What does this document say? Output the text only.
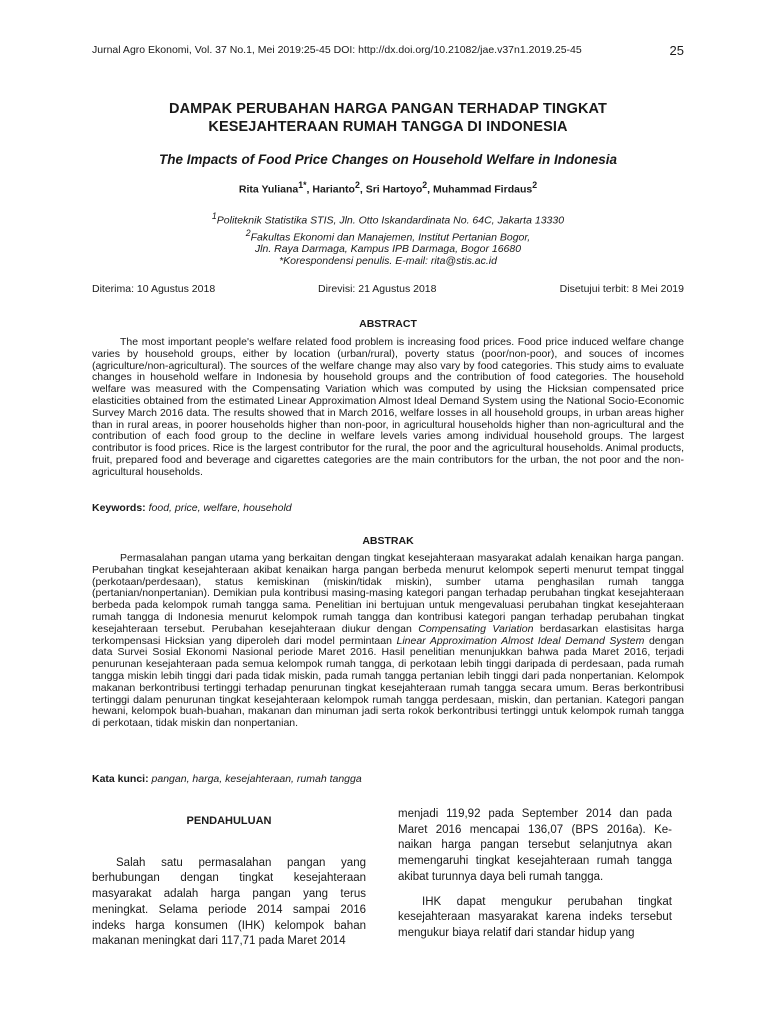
Jurnal Agro Ekonomi, Vol. 37 No.1, Mei 2019:25-45 DOI: http://dx.doi.org/10.21082/jae.v37n1.2019.25-45	25
DAMPAK PERUBAHAN HARGA PANGAN TERHADAP TINGKAT
KESEJAHTERAAN RUMAH TANGGA DI INDONESIA
The Impacts of Food Price Changes on Household Welfare in Indonesia
Rita Yuliana$^{1*}$, Harianto$^2$, Sri Hartoyo$^2$, Muhammad Firdaus$^2$
$^1$Politeknik Statistika STIS, Jln. Otto Iskandardinata No. 64C, Jakarta 13330
$^2$Fakultas Ekonomi dan Manajemen, Institut Pertanian Bogor,
Jln. Raya Darmaga, Kampus IPB Darmaga, Bogor 16680
*Korespondensi penulis. E-mail: rita@stis.ac.id
Diterima: 10 Agustus 2018	Direvisi: 21 Agustus 2018	Disetujui terbit: 8 Mei 2019
ABSTRACT

The most important people's welfare related food problem is increasing food prices. Food price induced welfare change varies by household groups, either by location (urban/rural), poverty status (poor/non-poor), and souces of incomes (agriculture/non-agricultural). The sources of the welfare change may also vary by food categories. This study aims to evaluate changes in household welfare in Indonesia by household groups and the contribution of food categories. The household welfare was measured with the Compensating Variation which was computed by using the Hicksian compensated price elasticities obtained from the estimated Linear Approximation Almost Ideal Demand System using the National Socio-Economic Survey March 2016 data. The results showed that in March 2016, welfare losses in all household groups, in urban areas higher than in rural areas, in poorer households higher than non-poor, in agricultural households higher than non-agricultural and the contribution of each food group to the decline in welfare levels varies among individual household groups. The largest contributor is food prices. Rice is the largest contributor for the rural, the poor and the agricultural households. Animal products, fruit, prepared food and beverage and cigarettes categories are the main contributors for the urban, the not poor and the non-agricultural households.

Keywords: food, price, welfare, household
ABSTRAK

Permasalahan pangan utama yang berkaitan dengan tingkat kesejahteraan masyarakat adalah kenaikan harga pangan. Perubahan tingkat kesejahteraan akibat kenaikan harga pangan berbeda menurut kelompok seperti menurut tempat tinggal (perkotaan/perdesaan), status kemiskinan (miskin/tidak miskin), sumber utama penghasilan rumah tangga (pertanian/nonpertanian). Demikian pula kontribusi masing-masing kategori pangan terhadap perubahan tingkat kesejahteraan berbeda pada kelompok rumah tangga sama. Penelitian ini bertujuan untuk mengevaluasi perubahan tingkat kesejahteraan rumah tangga di Indonesia menurut kelompok rumah tangga dan kontribusi kategori pangan terhadap perubahan tingkat kesejahteraan tersebut. Perubahan kesejahteraan diukur dengan Compensating Variation berdasarkan elastisitas harga terkompensasi Hicksian yang diperoleh dari model permintaan Linear Approximation Almost Ideal Demand System dengan data Survei Sosial Ekonomi Nasional periode Maret 2016. Hasil penelitian menunjukkan bahwa pada Maret 2016, terjadi penurunan kesejahteraan pada semua kelompok rumah tangga, di perkotaan lebih tinggi daripada di perdesaan, pada rumah tangga miskin lebih tinggi dari pada tidak miskin, pada rumah tangga pertanian lebih tinggi dari pada nonpertanian. Kelompok makanan berkontribusi tertinggi terhadap penurunan tingkat kesejahteraan rumah tangga secara umum. Beras berkontribusi tertinggi dalam penurunan tingkat kesejahteraan kelompok rumah tangga perdesaan, miskin, dan pertanian. Kategori pangan hewani, kelompok buah-buahan, makanan dan minuman jadi serta rokok berkontribusi tertinggi untuk kelompok rumah tangga di perkotaan, tidak miskin dan nonpertanian.

Kata kunci: pangan, harga, kesejahteraan, rumah tangga

PENDAHULUAN

Salah satu permasalahan pangan yang berhubungan dengan tingkat kesejahteraan masyarakat adalah harga pangan yang terus meningkat. Selama periode 2014 sampai 2016 indeks harga konsumen (IHK) kelompok bahan makanan meningkat dari 117,71 pada Maret 2014

menjadi 119,92 pada September 2014 dan pada Maret 2016 mencapai 136,07 (BPS 2016a). Ke-naikan harga pangan tersebut selanjutnya akan memengaruhi tingkat kesejahteraan rumah tangga akibat turunnya daya beli rumah tangga.

IHK dapat mengukur perubahan tingkat kesejahteraan masyarakat karena indeks tersebut mengukur biaya relatif dari standar hidup yang
